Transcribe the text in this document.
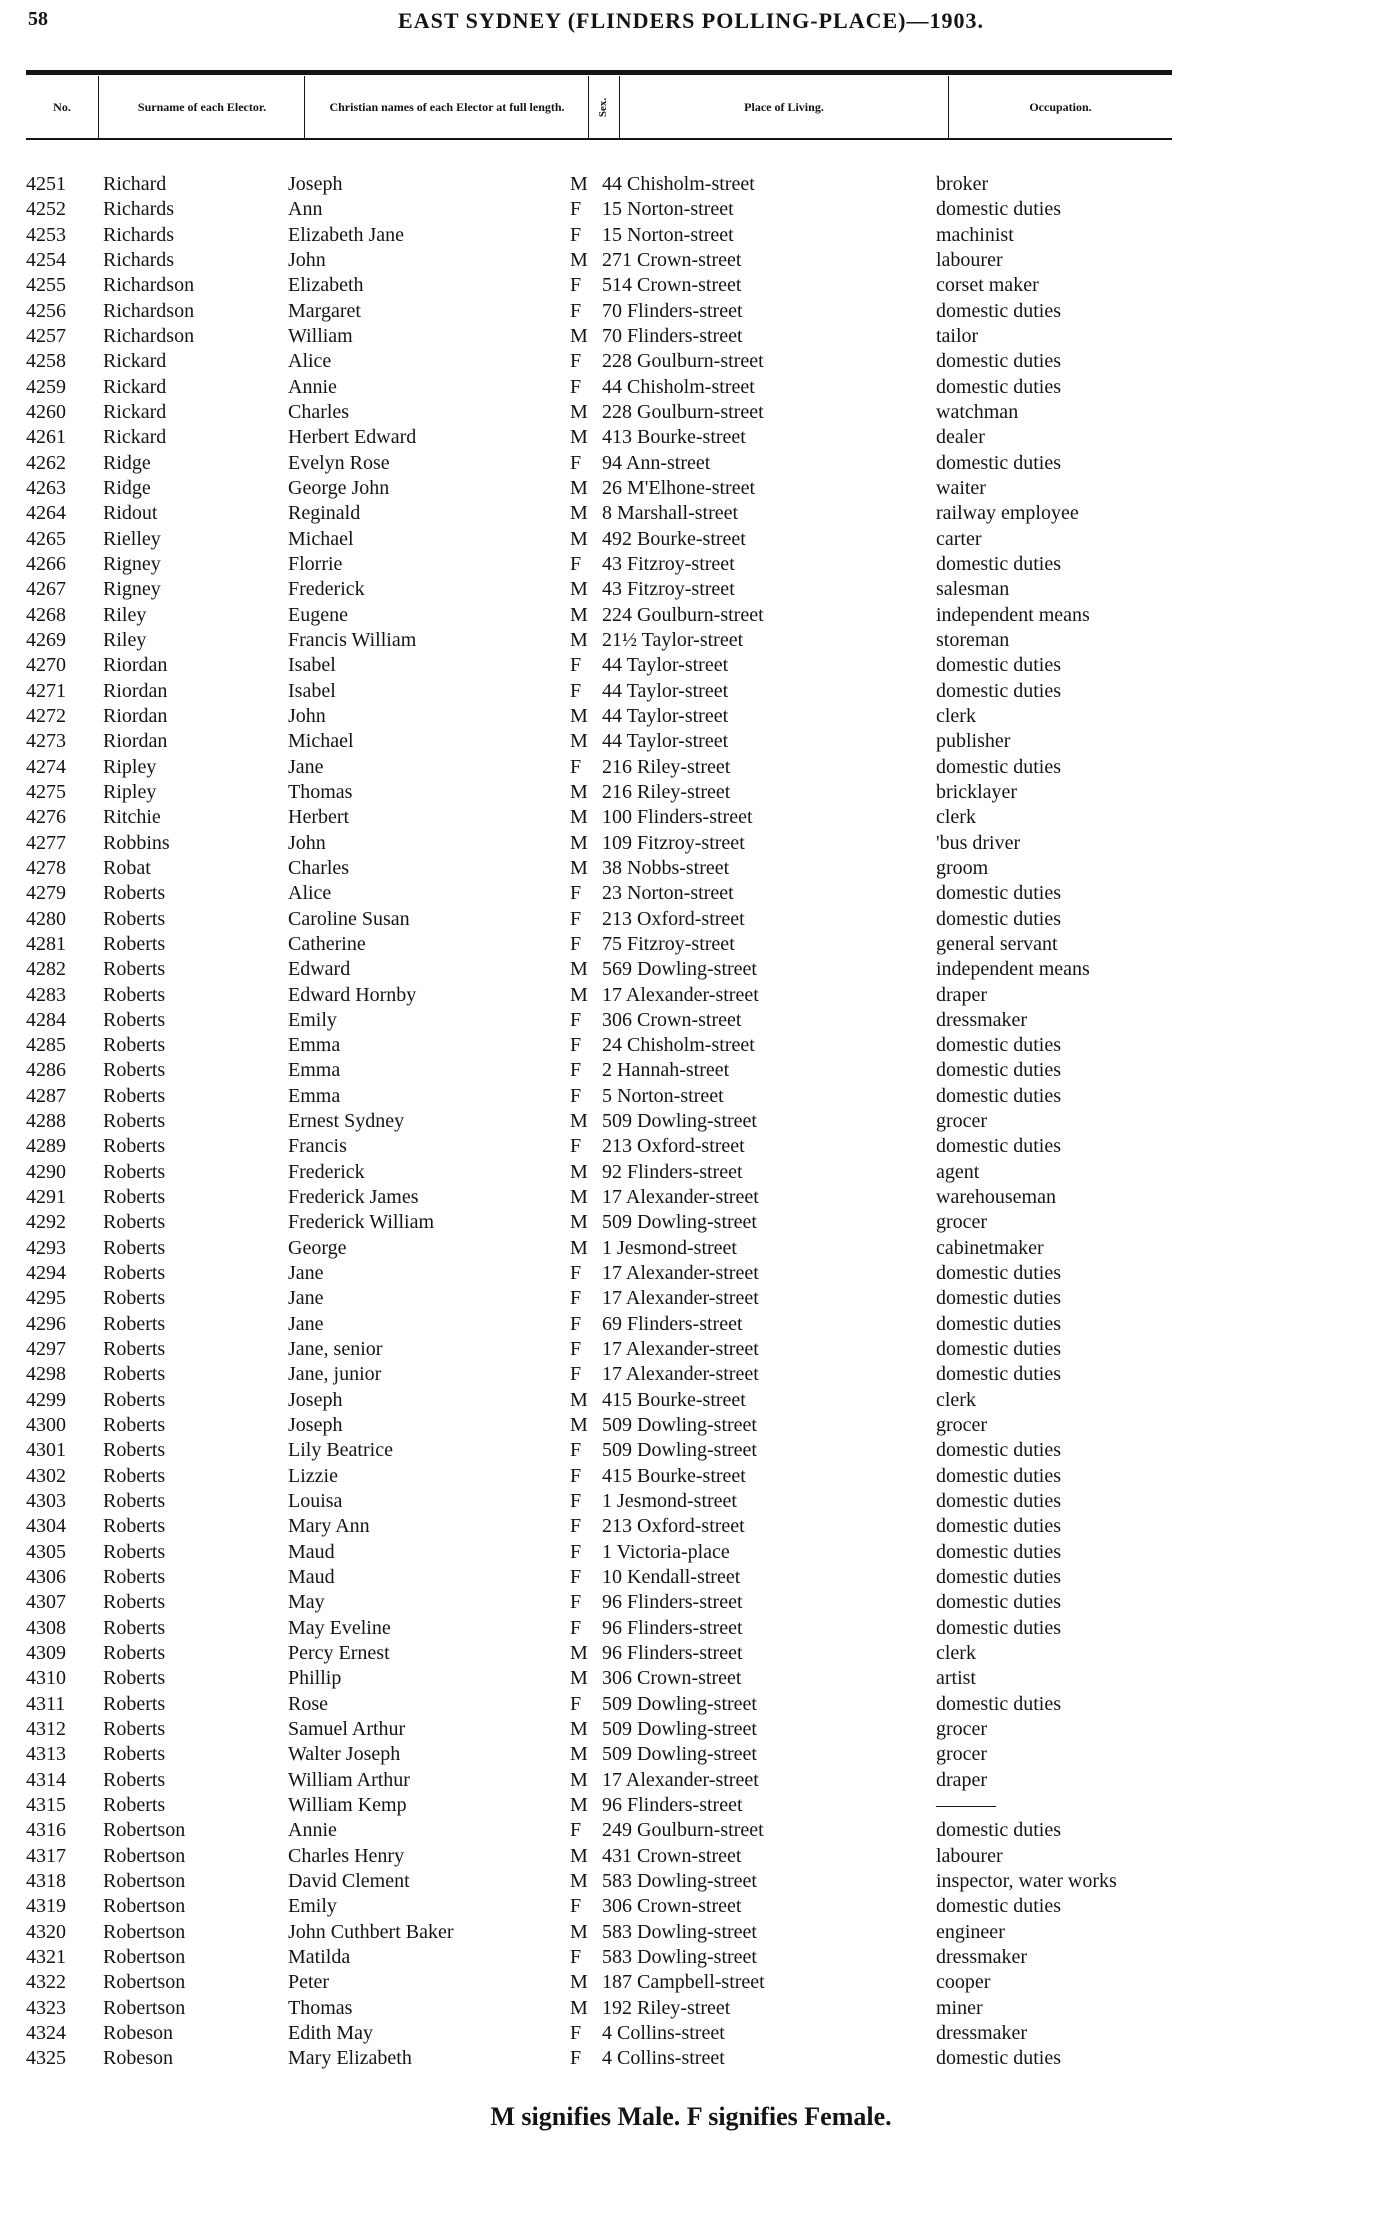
58	EAST SYDNEY (FLINDERS POLLING-PLACE)—1903.
No.	Surname of each Elector.	Christian names of each Elector at full length.	Sex.	Place of Living.	Occupation.
4251 Richard	Joseph	M 44 Chisholm-street	broker
4252 Richards	Ann	F 15 Norton-street	domestic duties
4253 Richards	Elizabeth Jane	F 15 Norton-street	machinist
4254 Richards	John	M 271 Crown-street	labourer
4255 Richardson	Elizabeth	F 514 Crown-street	corset maker
4256 Richardson	Margaret	F 70 Flinders-street	domestic duties
4257 Richardson	William	M 70 Flinders-street	tailor
4258 Rickard	Alice	F 228 Goulburn-street	domestic duties
4259 Rickard	Annie	F 44 Chisholm-street	domestic duties
4260 Rickard	Charles	M 228 Goulburn-street	watchman
4261 Rickard	Herbert Edward	M 413 Bourke-street	dealer
4262 Ridge	Evelyn Rose	F 94 Ann-street	domestic duties
4263 Ridge	George John	M 26 M'Elhone-street	waiter
4264 Ridout	Reginald	M 8 Marshall-street	railway employee
4265 Rielley	Michael	M 492 Bourke-street	carter
4266 Rigney	Florrie	F 43 Fitzroy-street	domestic duties
4267 Rigney	Frederick	M 43 Fitzroy-street	salesman
4268 Riley	Eugene	M 224 Goulburn-street	independent means
4269 Riley	Francis William	M 21½ Taylor-street	storeman
4270 Riordan	Isabel	F 44 Taylor-street	domestic duties
4271 Riordan	Isabel	F 44 Taylor-street	domestic duties
4272 Riordan	John	M 44 Taylor-street	clerk
4273 Riordan	Michael	M 44 Taylor-street	publisher
4274 Ripley	Jane	F 216 Riley-street	domestic duties
4275 Ripley	Thomas	M 216 Riley-street	bricklayer
4276 Ritchie	Herbert	M 100 Flinders-street	clerk
4277 Robbins	John	M 109 Fitzroy-street	'bus driver
4278 Robat	Charles	M 38 Nobbs-street	groom
4279 Roberts	Alice	F 23 Norton-street	domestic duties
4280 Roberts	Caroline Susan	F 213 Oxford-street	domestic duties
4281 Roberts	Catherine	F 75 Fitzroy-street	general servant
4282 Roberts	Edward	M 569 Dowling-street	independent means
4283 Roberts	Edward Hornby	M 17 Alexander-street	draper
4284 Roberts	Emily	F 306 Crown-street	dressmaker
4285 Roberts	Emma	F 24 Chisholm-street	domestic duties
4286 Roberts	Emma	F 2 Hannah-street	domestic duties
4287 Roberts	Emma	F 5 Norton-street	domestic duties
4288 Roberts	Ernest Sydney	M 509 Dowling-street	grocer
4289 Roberts	Francis	F 213 Oxford-street	domestic duties
4290 Roberts	Frederick	M 92 Flinders-street	agent
4291 Roberts	Frederick James	M 17 Alexander-street	warehouseman
4292 Roberts	Frederick William	M 509 Dowling-street	grocer
4293 Roberts	George	M 1 Jesmond-street	cabinetmaker
4294 Roberts	Jane	F 17 Alexander-street	domestic duties
4295 Roberts	Jane	F 17 Alexander-street	domestic duties
4296 Roberts	Jane	F 69 Flinders-street	domestic duties
4297 Roberts	Jane, senior	F 17 Alexander-street	domestic duties
4298 Roberts	Jane, junior	F 17 Alexander-street	domestic duties
4299 Roberts	Joseph	M 415 Bourke-street	clerk
4300 Roberts	Joseph	M 509 Dowling-street	grocer
4301 Roberts	Lily Beatrice	F 509 Dowling-street	domestic duties
4302 Roberts	Lizzie	F 415 Bourke-street	domestic duties
4303 Roberts	Louisa	F 1 Jesmond-street	domestic duties
4304 Roberts	Mary Ann	F 213 Oxford-street	domestic duties
4305 Roberts	Maud	F 1 Victoria-place	domestic duties
4306 Roberts	Maud	F 10 Kendall-street	domestic duties
4307 Roberts	May	F 96 Flinders-street	domestic duties
4308 Roberts	May Eveline	F 96 Flinders-street	domestic duties
4309 Roberts	Percy Ernest	M 96 Flinders-street	clerk
4310 Roberts	Phillip	M 306 Crown-street	artist
4311 Roberts	Rose	F 509 Dowling-street	domestic duties
4312 Roberts	Samuel Arthur	M 509 Dowling-street	grocer
4313 Roberts	Walter Joseph	M 509 Dowling-street	grocer
4314 Roberts	William Arthur	M 17 Alexander-street	draper
4315 Roberts	William Kemp	M 96 Flinders-street	———
4316 Robertson	Annie	F 249 Goulburn-street	domestic duties
4317 Robertson	Charles Henry	M 431 Crown-street	labourer
4318 Robertson	David Clement	M 583 Dowling-street	inspector, water works
4319 Robertson	Emily	F 306 Crown-street	domestic duties
4320 Robertson	John Cuthbert Baker	M 583 Dowling-street	engineer
4321 Robertson	Matilda	F 583 Dowling-street	dressmaker
4322 Robertson	Peter	M 187 Campbell-street	cooper
4323 Robertson	Thomas	M 192 Riley-street	miner
4324 Robeson	Edith May	F 4 Collins-street	dressmaker
4325 Robeson	Mary Elizabeth	F 4 Collins-street	domestic duties
M signifies Male. F signifies Female.
